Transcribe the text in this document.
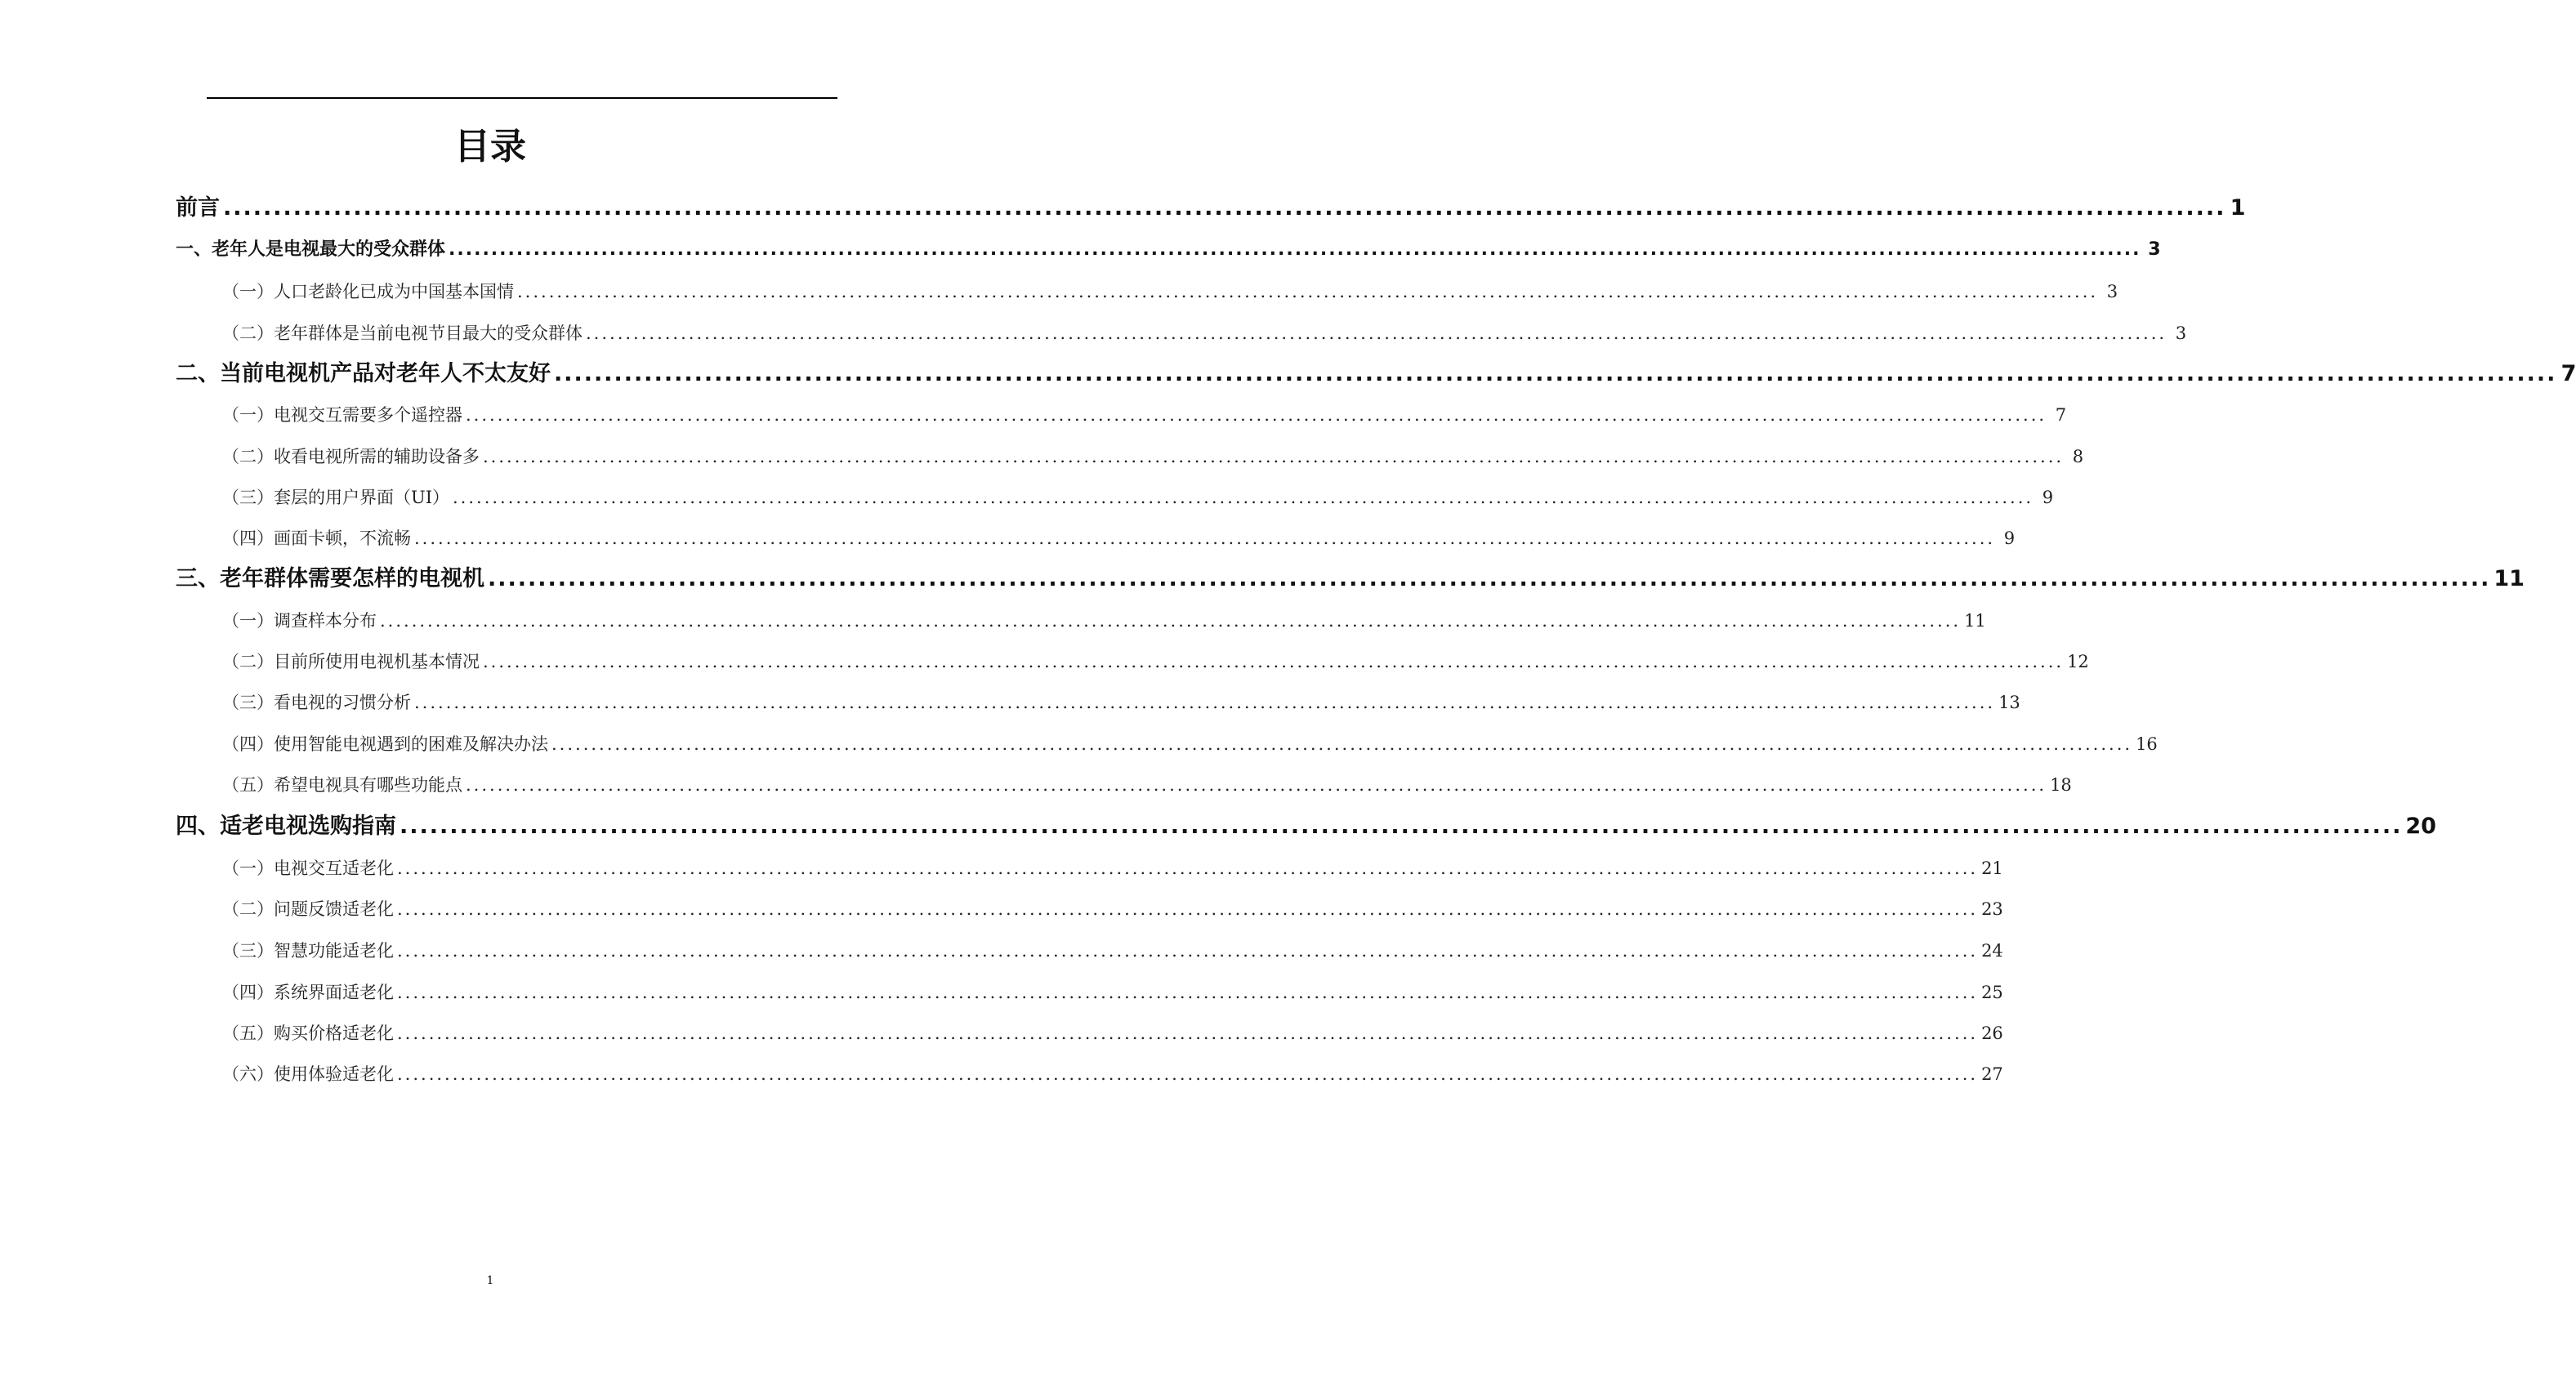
目录
前言 ........................................................................................................................................................................................................ 1
一、老年人是电视最大的受众群体 ........................................................................................................................................................................................................ 3
（一）人口老龄化已成为中国基本国情 ........................................................................................................................................................................................................ 3
（二）老年群体是当前电视节目最大的受众群体 ........................................................................................................................................................................................................ 3
二、当前电视机产品对老年人不太友好 ........................................................................................................................................................................................................ 7
（一）电视交互需要多个遥控器 ........................................................................................................................................................................................................ 7
（二）收看电视所需的辅助设备多 ........................................................................................................................................................................................................ 8
（三）套层的用户界面（UI） ........................................................................................................................................................................................................ 9
（四）画面卡顿，不流畅 ........................................................................................................................................................................................................ 9
三、老年群体需要怎样的电视机 ........................................................................................................................................................................................................ 11
（一）调查样本分布 ........................................................................................................................................................................................................ 11
（二）目前所使用电视机基本情况 ........................................................................................................................................................................................................ 12
（三）看电视的习惯分析 ........................................................................................................................................................................................................ 13
（四）使用智能电视遇到的困难及解决办法 ........................................................................................................................................................................................................ 16
（五）希望电视具有哪些功能点 ........................................................................................................................................................................................................ 18
四、适老电视选购指南 ........................................................................................................................................................................................................ 20
（一）电视交互适老化 ........................................................................................................................................................................................................ 21
（二）问题反馈适老化 ........................................................................................................................................................................................................ 23
（三）智慧功能适老化 ........................................................................................................................................................................................................ 24
（四）系统界面适老化 ........................................................................................................................................................................................................ 25
（五）购买价格适老化 ........................................................................................................................................................................................................ 26
（六）使用体验适老化 ........................................................................................................................................................................................................ 27
1
